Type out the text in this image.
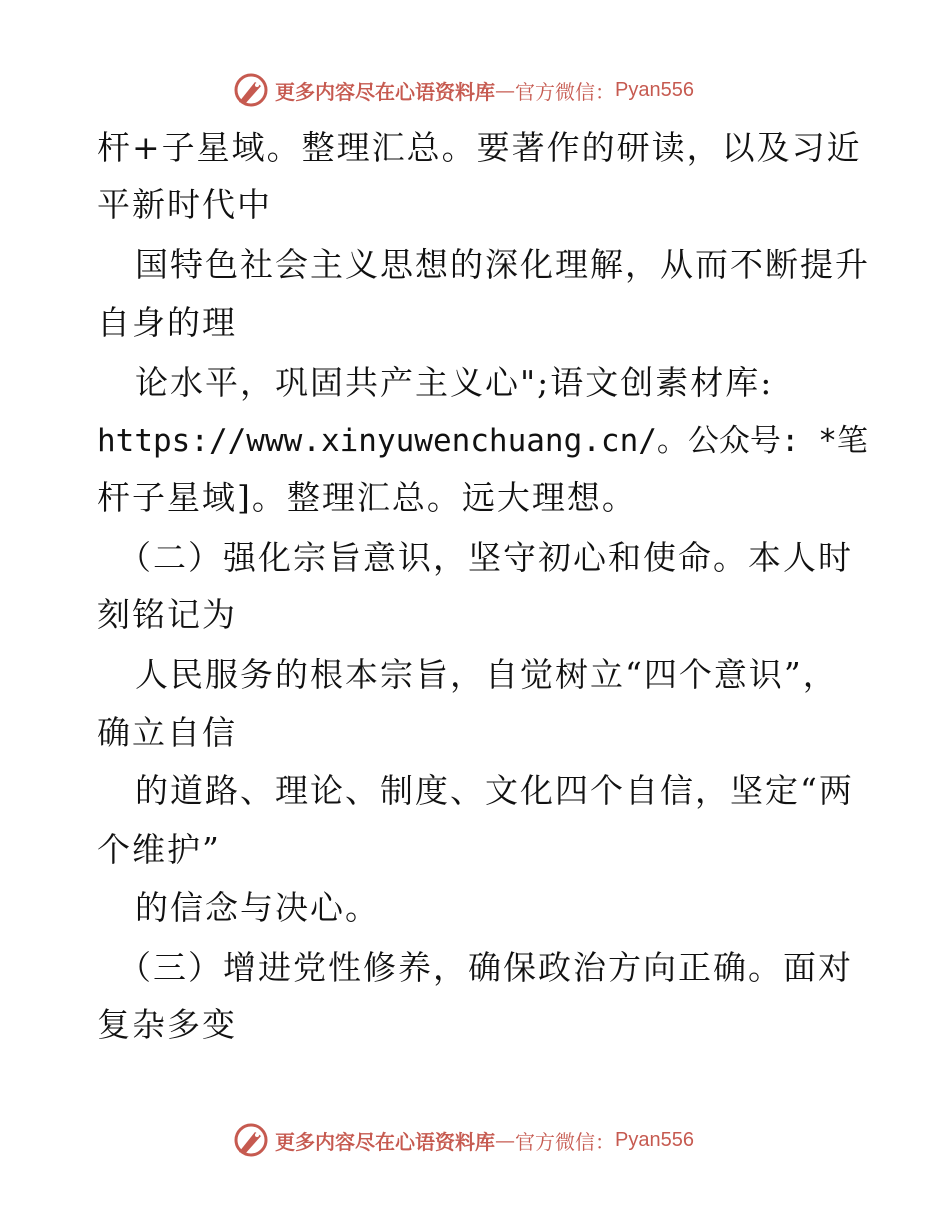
更多内容尽在心语资料库 — 官方微信： Pyan556
杆+子星域。整理汇总。要著作的研读，以及习近
平新时代中
国特色社会主义思想的深化理解，从而不断提升
自身的理
论水平，巩固共产主义心";语文创素材库:
https://www.xinyuwenchuang.cn/。公众号: *笔
杆子星域]。整理汇总。远大理想。
（二）强化宗旨意识，坚守初心和使命。本人时
刻铭记为
人民服务的根本宗旨，自觉树立“四个意识”，
确立自信
的道路、理论、制度、文化四个自信，坚定“两
个维护”
的信念与决心。
（三）增进党性修养，确保政治方向正确。面对
复杂多变
更多内容尽在心语资料库 — 官方微信： Pyan556
